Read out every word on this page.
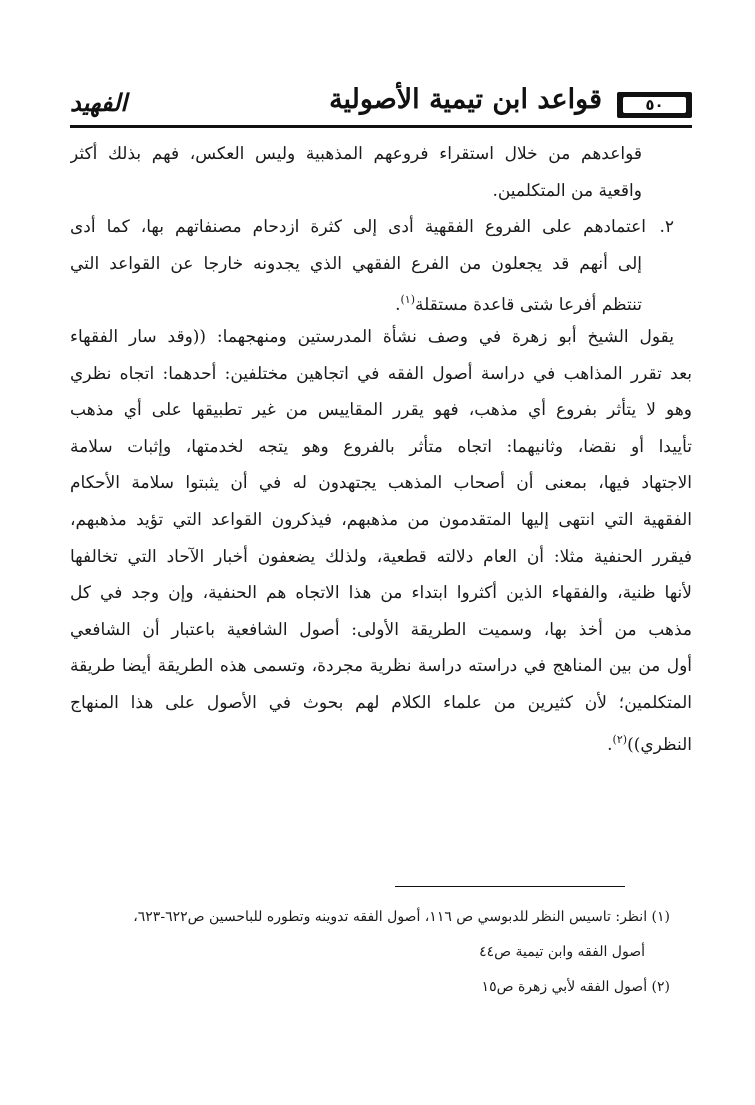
٥٠
قواعد ابن تيمية الأصولية
الفهيد
قواعدهم من خلال استقراء فروعهم المذهبية وليس العكس، فهم بذلك أكثر
واقعية من المتكلمين.
٢.اعتمادهم على الفروع الفقهية أدى إلى كثرة ازدحام مصنفاتهم بها، كما أدى
إلى أنهم قد يجعلون من الفرع الفقهي الذي يجدونه خارجا عن القواعد التي
تنتظم أفرعا شتى قاعدة مستقلة$^{(١)}$.
يقول الشيخ أبو زهرة في وصف نشأة المدرستين ومنهجهما: ((وقد سار الفقهاء
بعد تقرر المذاهب في دراسة أصول الفقه في اتجاهين مختلفين: أحدهما: اتجاه نظري
وهو لا يتأثر بفروع أي مذهب، فهو يقرر المقاييس من غير تطبيقها على أي مذهب
تأييدا أو نقضا، وثانيهما: اتجاه متأثر بالفروع وهو يتجه لخدمتها، وإثبات سلامة
الاجتهاد فيها، بمعنى أن أصحاب المذهب يجتهدون له في أن يثبتوا سلامة الأحكام
الفقهية التي انتهى إليها المتقدمون من مذهبهم، فيذكرون القواعد التي تؤيد مذهبهم،
فيقرر الحنفية مثلا: أن العام دلالته قطعية، ولذلك يضعفون أخبار الآحاد التي تخالفها
لأنها ظنية، والفقهاء الذين أكثروا ابتداء من هذا الاتجاه هم الحنفية، وإن وجد في كل
مذهب من أخذ بها، وسميت الطريقة الأولى: أصول الشافعية باعتبار أن الشافعي
أول من بين المناهج في دراسته دراسة نظرية مجردة، وتسمى هذه الطريقة أيضا طريقة
المتكلمين؛ لأن كثيرين من علماء الكلام لهم بحوث في الأصول على هذا المنهاج
النظري))$^{(٢)}$.
(١) انظر: تاسيس النظر للدبوسي ص ١١٦، أصول الفقه تدوينه وتطوره للباحسين ص٦٢٢-٦٢٣،
أصول الفقه وابن تيمية ص٤٤
(٢) أصول الفقه لأبي زهرة ص١٥
